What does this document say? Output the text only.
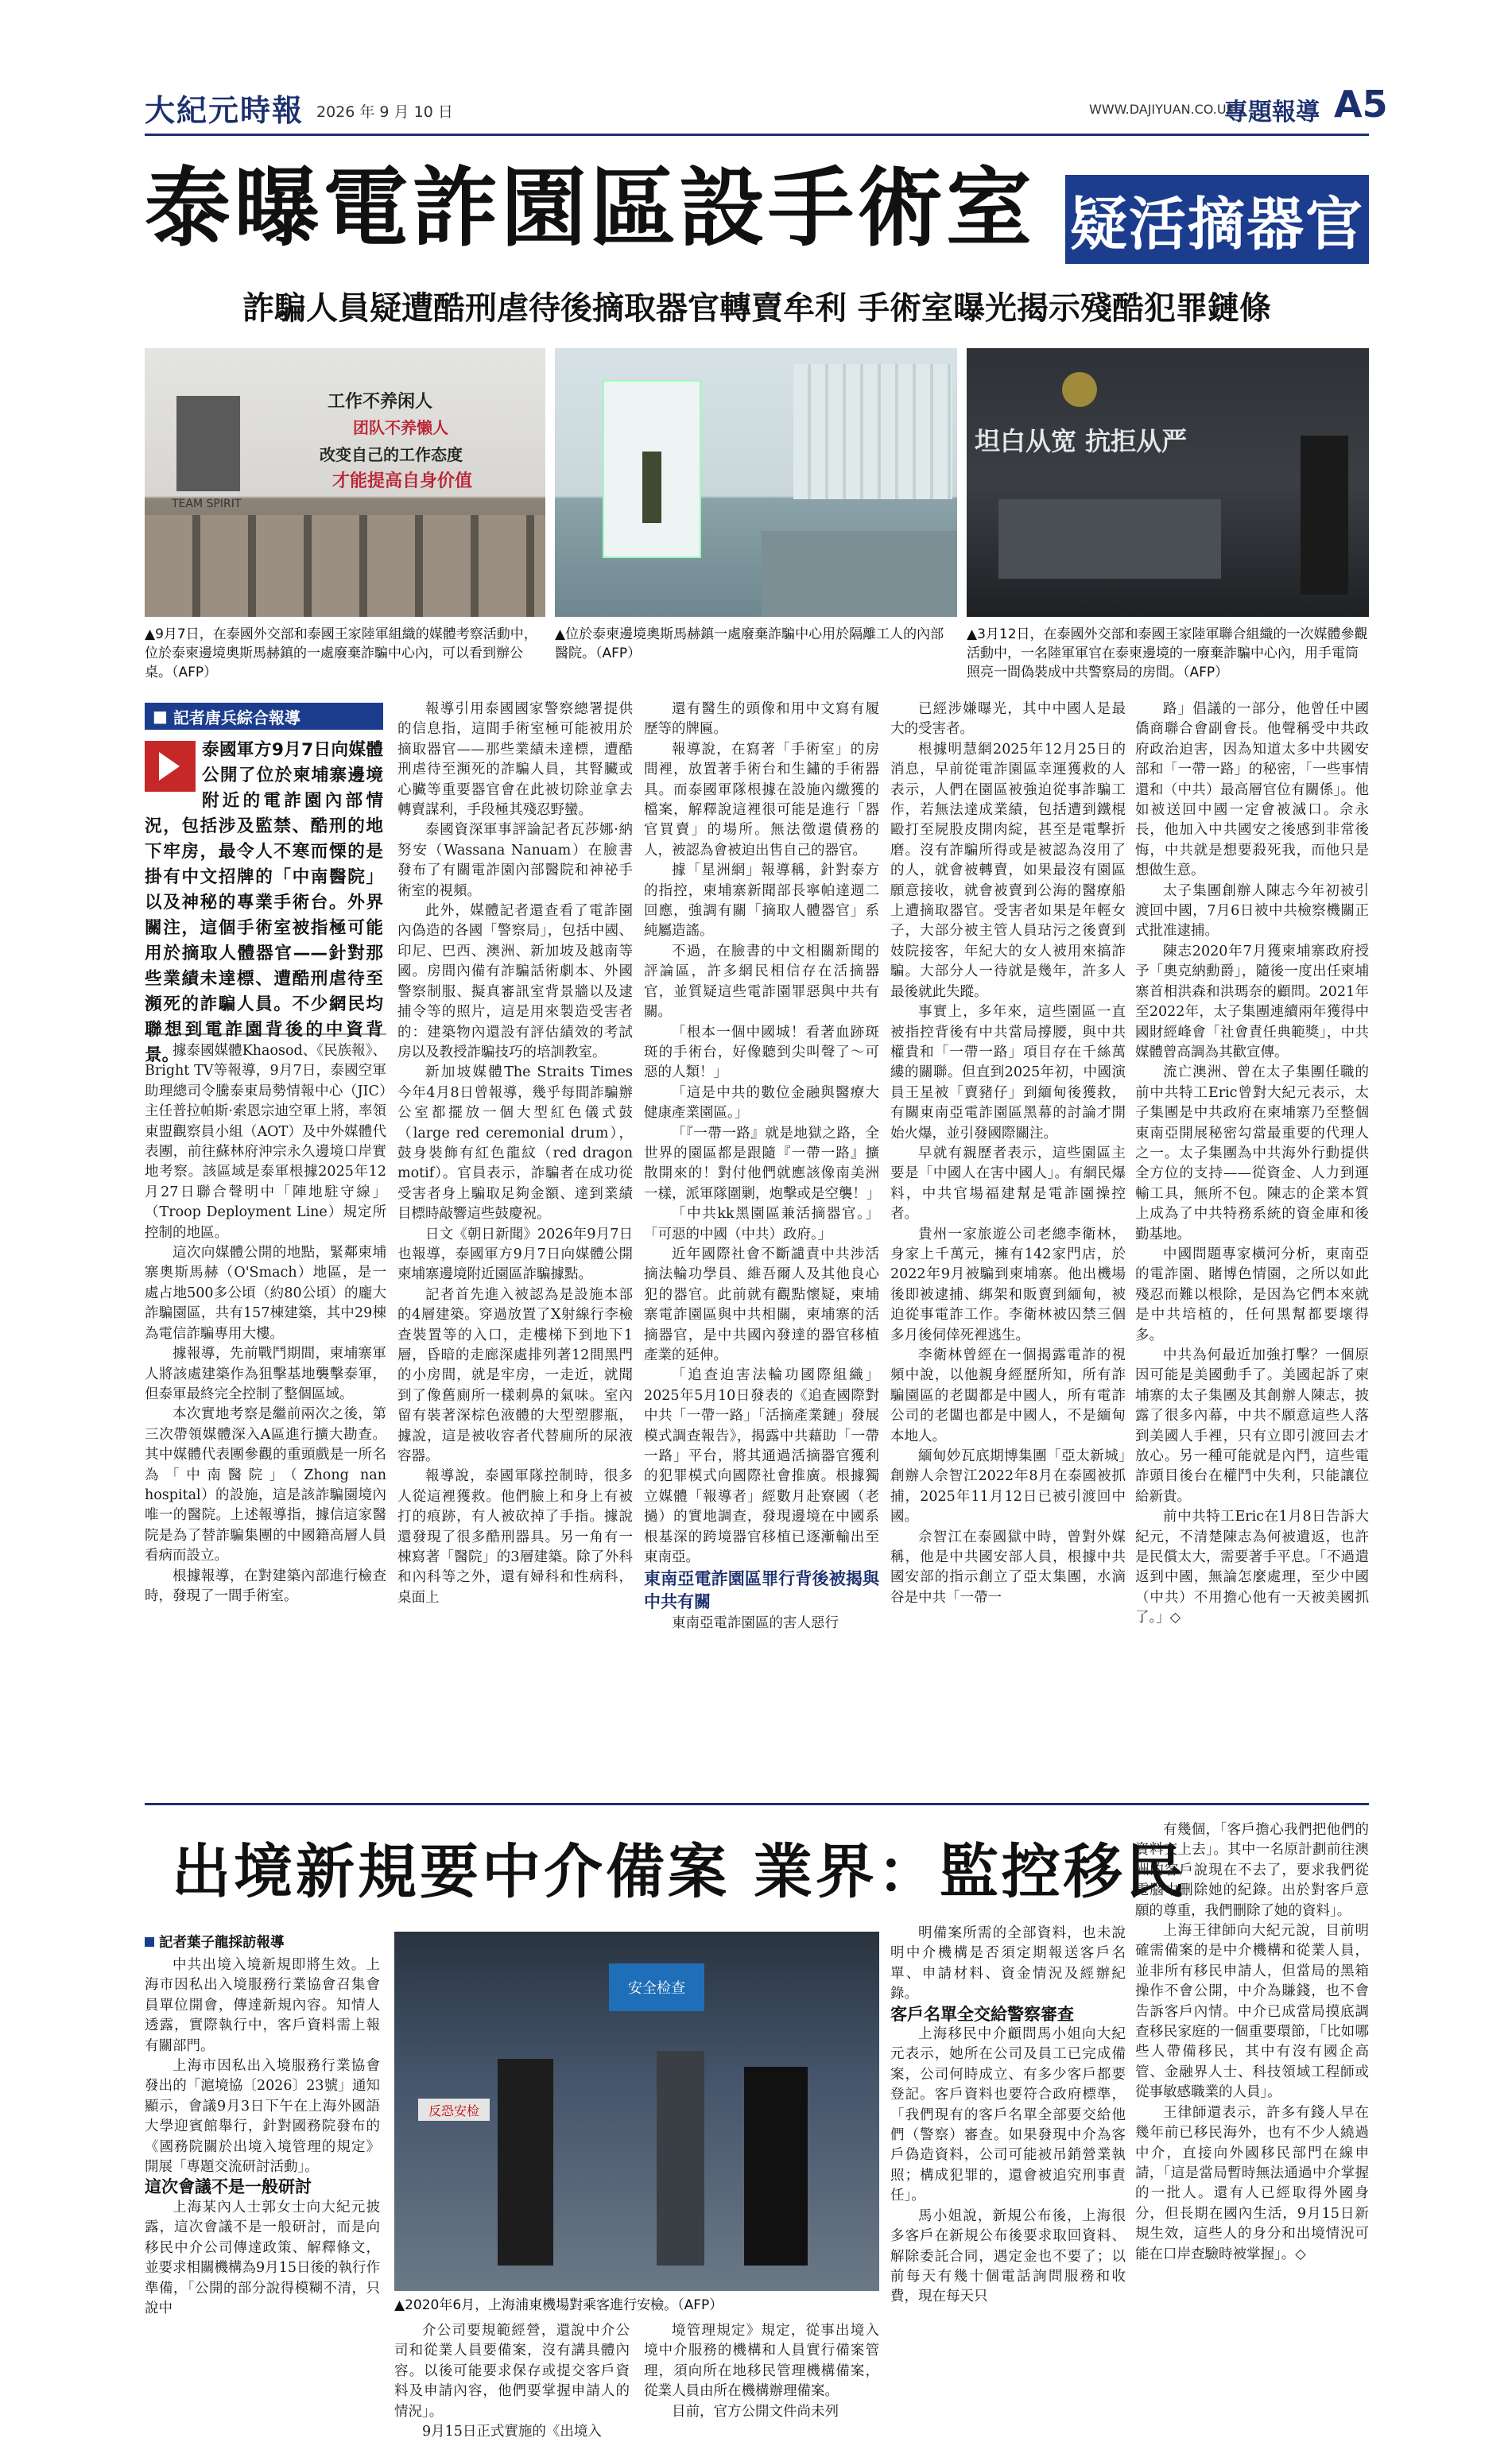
大紀元時報 2026 年 9 月 10 日	WWW.DAJIYUAN.CO.UK
專題報導 A5
泰曝電詐園區設手術室 疑活摘器官
詐騙人員疑遭酷刑虐待後摘取器官轉賣牟利 手術室曝光揭示殘酷犯罪鏈條
TEAM SPIRIT
工作不养闲人
团队不养懒人
改变自己的工作态度
才能提高自身价值
▲9月7日，在泰國外交部和泰國王家陸軍組織的媒體考察活動中，位於泰柬邊境奧斯馬赫鎮的一處廢棄詐騙中心內，可以看到辦公桌。（AFP）
▲位於泰柬邊境奧斯馬赫鎮一處廢棄詐騙中心用於隔離工人的內部醫院。（AFP）
坦白从宽 抗拒从严
▲3月12日，在泰國外交部和泰國王家陸軍聯合組織的一次媒體參觀活動中，一名陸軍軍官在泰柬邊境的一廢棄詐騙中心內，用手電筒照亮一間偽裝成中共警察局的房間。（AFP）
■ 記者唐兵綜合報導
泰國軍方9月7日向媒體公開了位於柬埔寨邊境附近的電詐園內部情況，包括涉及監禁、酷刑的地下牢房，最令人不寒而慄的是掛有中文招牌的「中南醫院」以及神秘的專業手術台。外界關注，這個手術室被指極可能用於摘取人體器官——針對那些業績未達標、遭酷刑虐待至瀕死的詐騙人員。不少網民均聯想到電詐園背後的中資背景。

據泰國媒體Khaosod、《民族報》、Bright TV等報導，9月7日，泰國空軍助理總司令騰泰東局勢情報中心（JIC）主任普拉帕斯·索恩宗迪空軍上將，率領東盟觀察員小組（AOT）及中外媒體代表團，前往蘇林府沖宗永久邊境口岸實地考察。該區域是泰軍根據2025年12月27日聯合聲明中「陣地駐守線」（Troop Deployment Line）規定所控制的地區。

這次向媒體公開的地點，緊鄰柬埔寨奧斯馬赫（O'Smach）地區，是一處占地500多公頃（約80公頃）的龐大詐騙園區，共有157棟建築，其中29棟為電信詐騙專用大樓。

據報導，先前戰鬥期間，柬埔寨軍人將該處建築作為狙擊基地襲擊泰軍，但泰軍最終完全控制了整個區域。

本次實地考察是繼前兩次之後，第三次帶領媒體深入A區進行擴大勘查。其中媒體代表團參觀的重頭戲是一所名為「中南醫院」（Zhong nan hospital）的設施，這是該詐騙園境內唯一的醫院。上述報導指，據信這家醫院是為了替詐騙集團的中國籍高層人員看病而設立。

根據報導，在對建築內部進行檢查時，發現了一間手術室。

報導引用泰國國家警察總署提供的信息指，這間手術室極可能被用於摘取器官——那些業績未達標，遭酷刑虐待至瀕死的詐騙人員，其腎臟或心臟等重要器官會在此被切除並拿去轉賣謀利，手段極其殘忍野蠻。

泰國資深軍事評論記者瓦莎娜·納努安（Wassana Nanuam）在臉書發布了有關電詐園內部醫院和神祕手術室的視頻。

此外，媒體記者還查看了電詐園內偽造的各國「警察局」，包括中國、印尼、巴西、澳洲、新加坡及越南等國。房間內備有詐騙話術劇本、外國警察制服、擬真審訊室背景牆以及逮捕令等的照片，這是用來製造受害者的：建築物內還設有評估績效的考試房以及教授詐騙技巧的培訓教室。

新加坡媒體The Straits Times今年4月8日曾報導，幾乎每間詐騙辦公室都擺放一個大型紅色儀式鼓（large red ceremonial drum），鼓身裝飾有紅色龍紋（red dragon motif）。官員表示，詐騙者在成功從受害者身上騙取足夠金額、達到業績目標時敲響這些鼓慶祝。

日文《朝日新聞》2026年9月7日也報導，泰國軍方9月7日向媒體公開柬埔寨邊境附近園區詐騙據點。

記者首先進入被認為是設施本部的4層建築。穿過放置了X射線行李檢查裝置等的入口，走樓梯下到地下1層，昏暗的走廊深處排列著12間黑門的小房間，就是牢房，一走近，就聞到了像舊廁所一樣刺鼻的氣味。室內留有裝著深棕色液體的大型塑膠瓶，據說，這是被收容者代替廁所的尿液容器。

報導說，泰國軍隊控制時，很多人從這裡獲救。他們臉上和身上有被打的痕跡，有人被砍掉了手指。據說還發現了很多酷刑器具。另一角有一棟寫著「醫院」的3層建築。除了外科和內科等之外，還有婦科和性病科，桌面上

還有醫生的頭像和用中文寫有履歷等的牌匾。

報導說，在寫著「手術室」的房間裡，放置著手術台和生鏽的手術器具。而泰國軍隊根據在設施內繳獲的檔案，解釋說這裡很可能是進行「器官買賣」的場所。無法徵還債務的人，被認為會被迫出售自己的器官。

據「星洲網」報導稱，針對泰方的指控，柬埔寨新聞部長寧帕達週二回應，強調有關「摘取人體器官」系純屬造謠。

不過，在臉書的中文相關新聞的評論區，許多網民相信存在活摘器官，並質疑這些電詐園罪惡與中共有關。

「根本一個中國城！看著血跡斑斑的手術台，好像聽到尖叫聲了～可惡的人類！」

「這是中共的數位金融與醫療大健康產業園區。」

「『一帶一路』就是地獄之路，全世界的園區都是跟隨『一帶一路』擴散開來的！對付他們就應該像南美洲一樣，派軍隊圍剿，炮擊或是空襲！」

「中共kk黑園區兼活摘器官。」「可惡的中國（中共）政府。」

近年國際社會不斷譴責中共涉活摘法輪功學員、維吾爾人及其他良心犯的器官。此前就有觀點懷疑，柬埔寨電詐園區與中共相關，柬埔寨的活摘器官，是中共國內發達的器官移植產業的延伸。

「追查迫害法輪功國際組織」2025年5月10日發表的《追查國際對中共「一帶一路」「活摘產業鏈」發展模式調查報告》，揭露中共藉助「一帶一路」平台，將其通過活摘器官獲利的犯罪模式向國際社會推廣。根據獨立媒體「報導者」經數月赴寮國（老撾）的實地調查，發現邊境在中國系根基深的跨境器官移植已逐漸輸出至東南亞。

東南亞電詐園區罪行背後被揭與中共有關

東南亞電詐園區的害人惡行

已經涉嫌曝光，其中中國人是最大的受害者。

根據明慧網2025年12月25日的消息，早前從電詐園區幸運獲救的人表示，人們在園區被強迫從事詐騙工作，若無法達成業績，包括遭到鐵棍毆打至屍股皮開肉綻，甚至是電擊折磨。沒有詐騙所得或是被認為沒用了的人，就會被轉賣，如果最沒有園區願意接收，就會被賣到公海的醫療船上遭摘取器官。受害者如果是年輕女子，大部分被主管人員玷污之後賣到妓院接客，年紀大的女人被用來搞詐騙。大部分人一待就是幾年，許多人最後就此失蹤。

事實上，多年來，這些園區一直被指控背後有中共當局撐腰，與中共權貴和「一帶一路」項目存在千絲萬縷的關聯。但直到2025年初，中國演員王星被「賣豬仔」到緬甸後獲救，有關東南亞電詐園區黑幕的討論才開始火爆，並引發國際關注。

早就有親歷者表示，這些園區主要是「中國人在害中國人」。有網民爆料，中共官場福建幫是電詐園操控者。

貴州一家旅遊公司老總李衛林，身家上千萬元，擁有142家門店，於2022年9月被騙到柬埔寨。他出機場後即被逮捕、綁架和販賣到緬甸，被迫從事電詐工作。李衛林被囚禁三個多月後伺倖死裡逃生。

李衛林曾經在一個揭露電詐的視頻中說，以他親身經歷所知，所有詐騙園區的老闆都是中國人，所有電詐公司的老闆也都是中國人，不是緬甸本地人。

緬甸妙瓦底期博集團「亞太新城」創辦人佘智江2022年8月在泰國被抓捕，2025年11月12日已被引渡回中國。

佘智江在泰國獄中時，曾對外媒稱，他是中共國安部人員，根據中共國安部的指示創立了亞太集團，水滴谷是中共「一帶一

路」倡議的一部分，他曾任中國僑商聯合會副會長。他聲稱受中共政府政治迫害，因為知道太多中共國安部和「一帶一路」的秘密，「一些事情還和（中共）最高層官位有關係」。他如被送回中國一定會被滅口。佘永長，他加入中共國安之後感到非常後悔，中共就是想要殺死我，而他只是想做生意。

太子集團創辦人陳志今年初被引渡回中國，7月6日被中共檢察機關正式批准逮捕。

陳志2020年7月獲柬埔寨政府授予「奧克納勳爵」，隨後一度出任柬埔寨首相洪森和洪瑪奈的顧問。2021年至2022年，太子集團連續兩年獲得中國財經峰會「社會責任典範獎」，中共媒體曾高調為其歡宣傳。

流亡澳洲、曾在太子集團任職的前中共特工Eric曾對大紀元表示，太子集團是中共政府在柬埔寨乃至整個東南亞開展秘密勾當最重要的代理人之一。太子集團為中共海外行動提供全方位的支持——從資金、人力到運輸工具，無所不包。陳志的企業本質上成為了中共特務系統的資金庫和後勤基地。

中國問題專家橫河分析，東南亞的電詐園、賭博色情園，之所以如此殘忍而難以根除，是因為它們本來就是中共培植的，任何黑幫都要壞得多。

中共為何最近加強打擊？一個原因可能是美國動手了。美國起訴了柬埔寨的太子集團及其創辦人陳志，披露了很多內幕，中共不願意這些人落到美國人手裡，只有立即引渡回去才放心。另一種可能就是內鬥，這些電詐頭目後台在權鬥中失利，只能讓位給新貴。

前中共特工Eric在1月8日告訴大紀元，不清楚陳志為何被遺返，也許是民償太大，需要著手平息。「不過遣返到中國，無論怎麼處理，至少中國（中共）不用擔心他有一天被美國抓了。」◇

出境新規要中介備案 業界：監控移民
記者葉子龍採訪報導

中共出境入境新規即將生效。上海市因私出入境服務行業協會召集會員單位開會，傳達新規內容。知情人透露，實際執行中，客戶資料需上報有關部門。

上海市因私出入境服務行業協會發出的「滬境協〔2026〕23號」通知顯示，會議9月3日下午在上海外國語大學迎賓館舉行，針對國務院發布的《國務院關於出境入境管理的規定》開展「專題交流研討活動」。

這次會議不是一般研討

上海某內人士郭女士向大紀元披露，這次會議不是一般研討，而是向移民中介公司傳達政策、解釋條文，並要求相關機構為9月15日後的執行作準備，「公開的部分說得模糊不清，只說中

安全检查
反恐安检
▲2020年6月，上海浦東機場對乘客進行安檢。（AFP）

介公司要規範經營，還說中介公司和從業人員要備案，沒有講具體內容。以後可能要求保存或提交客戶資料及申請內容，他們要掌握申請人的情況」。

9月15日正式實施的《出境入

境管理規定》規定，從事出境入境中介服務的機構和人員實行備案管理，須向所在地移民管理機構備案，從業人員由所在機構辦理備案。

目前，官方公開文件尚未列

明備案所需的全部資料，也未說明中介機構是否須定期報送客戶名單、申請材料、資金情況及經辦紀錄。

客戶名單全交給警察審查

上海移民中介顧問馬小姐向大紀元表示，她所在公司及員工已完成備案，公司何時成立、有多少客戶都要登記。客戶資料也要符合政府標準，「我們現有的客戶名單全部要交給他們（警察）審查。如果發現中介為客戶偽造資料，公司可能被吊銷營業執照；構成犯罪的，還會被追究刑事責任」。

馬小姐說，新規公布後，上海很多客戶在新規公布後要求取回資料、解除委託合同，遇定金也不要了；以前每天有幾十個電話詢問服務和收費，現在每天只

有幾個，「客戶擔心我們把他們的資料交上去」。其中一名原計劃前往澳洲的客戶說現在不去了，要求我們從電腦中刪除她的紀錄。出於對客戶意願的尊重，我們刪除了她的資料」。

上海王律師向大紀元說，目前明確需備案的是中介機構和從業人員，並非所有移民申請人，但當局的黑箱操作不會公開，中介為賺錢，也不會告訴客戶內情。中介已成當局摸底調查移民家庭的一個重要環節，「比如哪些人帶備移民，其中有沒有國企高管、金融界人士、科技領域工程師或從事敏感職業的人員」。

王律師還表示，許多有錢人早在幾年前已移民海外，也有不少人繞過中介，直接向外國移民部門在線申請，「這是當局暫時無法通過中介掌握的一批人。還有人已經取得外國身分，但長期在國內生活，9月15日新規生效，這些人的身分和出境情況可能在口岸查驗時被掌握」。◇
